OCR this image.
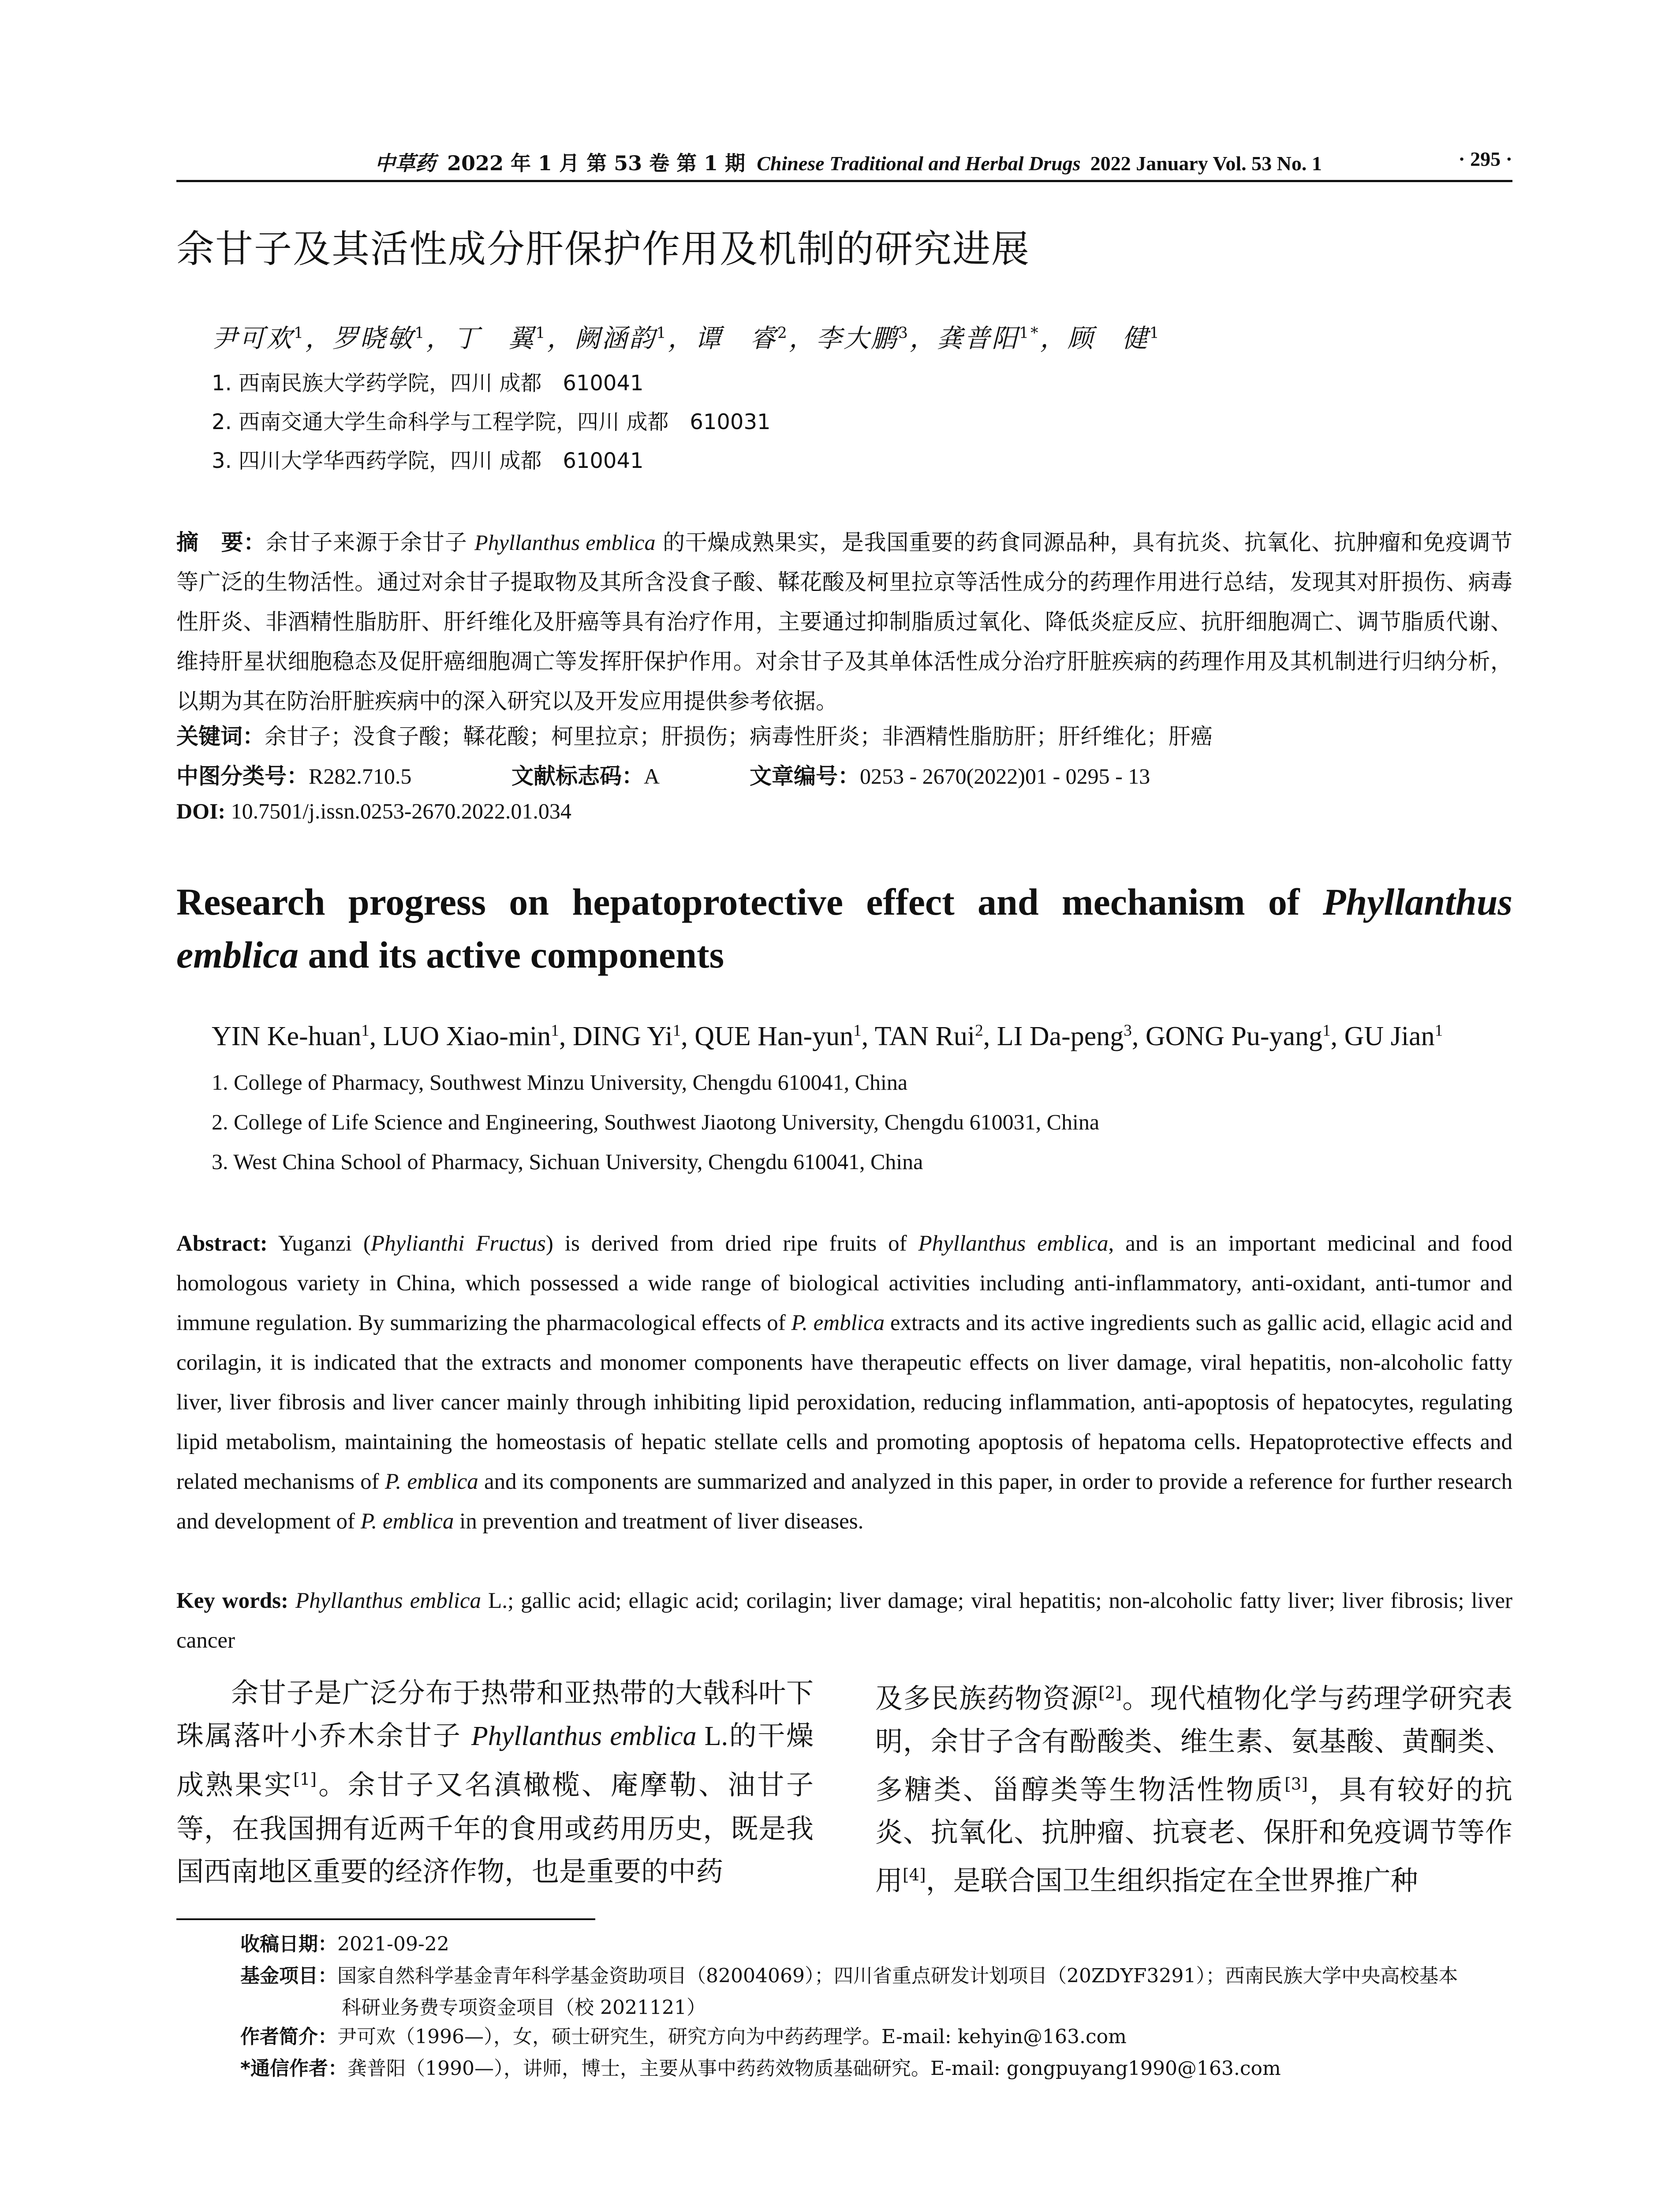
中草药 2022 年 1 月 第 53 卷 第 1 期 Chinese Traditional and Herbal Drugs 2022 January Vol. 53 No. 1	· 295 ·
余甘子及其活性成分肝保护作用及机制的研究进展
尹可欢$^1$，罗晓敏$^1$，丁　翼$^1$，阙涵韵$^1$，谭　睿$^2$，李大鹏$^3$，龚普阳$^{1*}$，顾　健$^1$
1. 西南民族大学药学院，四川 成都　610041
2. 西南交通大学生命科学与工程学院，四川 成都　610031
3. 四川大学华西药学院，四川 成都　610041
摘　要：余甘子来源于余甘子 Phyllanthus emblica 的干燥成熟果实，是我国重要的药食同源品种，具有抗炎、抗氧化、抗肿瘤和免疫调节等广泛的生物活性。通过对余甘子提取物及其所含没食子酸、鞣花酸及柯里拉京等活性成分的药理作用进行总结，发现其对肝损伤、病毒性肝炎、非酒精性脂肪肝、肝纤维化及肝癌等具有治疗作用，主要通过抑制脂质过氧化、降低炎症反应、抗肝细胞凋亡、调节脂质代谢、维持肝星状细胞稳态及促肝癌细胞凋亡等发挥肝保护作用。对余甘子及其单体活性成分治疗肝脏疾病的药理作用及其机制进行归纳分析，以期为其在防治肝脏疾病中的深入研究以及开发应用提供参考依据。
关键词：余甘子；没食子酸；鞣花酸；柯里拉京；肝损伤；病毒性肝炎；非酒精性脂肪肝；肝纤维化；肝癌
中图分类号：R282.710.5	文献标志码：A	文章编号：0253 - 2670(2022)01 - 0295 - 13
DOI: 10.7501/j.issn.0253-2670.2022.01.034
Research progress on hepatoprotective effect and mechanism of Phyllanthus emblica and its active components
YIN Ke-huan$^1$, LUO Xiao-$\min^1$, DING Yi$^1$, QUE Han-yun$^1$, TAN Rui$^2$, LI Da-peng$^3$, GONG Pu-yang$^1$, GU Jian$^1$
1. College of Pharmacy, Southwest Minzu University, Chengdu 610041, China
2. College of Life Science and Engineering, Southwest Jiaotong University, Chengdu 610031, China
3. West China School of Pharmacy, Sichuan University, Chengdu 610041, China
Abstract: Yuganzi (Phylianthi Fructus) is derived from dried ripe fruits of Phyllanthus emblica, and is an important medicinal and food homologous variety in China, which possessed a wide range of biological activities including anti-inflammatory, anti-oxidant, anti-tumor and immune regulation. By summarizing the pharmacological effects of P. emblica extracts and its active ingredients such as gallic acid, ellagic acid and corilagin, it is indicated that the extracts and monomer components have therapeutic effects on liver damage, viral hepatitis, non-alcoholic fatty liver, liver fibrosis and liver cancer mainly through inhibiting lipid peroxidation, reducing inflammation, anti-apoptosis of hepatocytes, regulating lipid metabolism, maintaining the homeostasis of hepatic stellate cells and promoting apoptosis of hepatoma cells. Hepatoprotective effects and related mechanisms of P. emblica and its components are summarized and analyzed in this paper, in order to provide a reference for further research and development of P. emblica in prevention and treatment of liver diseases.
Key words: Phyllanthus emblica L.; gallic acid; ellagic acid; corilagin; liver damage; viral hepatitis; non-alcoholic fatty liver; liver fibrosis; liver cancer
余甘子是广泛分布于热带和亚热带的大戟科叶下珠属落叶小乔木余甘子 Phyllanthus emblica L.的干燥成熟果实[1]。余甘子又名滇橄榄、庵摩勒、油甘子等，在我国拥有近两千年的食用或药用历史，既是我国西南地区重要的经济作物，也是重要的中药
及多民族药物资源[2]。现代植物化学与药理学研究表明，余甘子含有酚酸类、维生素、氨基酸、黄酮类、多糖类、甾醇类等生物活性物质[3]，具有较好的抗炎、抗氧化、抗肿瘤、抗衰老、保肝和免疫调节等作用[4]，是联合国卫生组织指定在全世界推广种
收稿日期：2021-09-22
基金项目：国家自然科学基金青年科学基金资助项目（82004069）；四川省重点研发计划项目（20ZDYF3291）；西南民族大学中央高校基本
科研业务费专项资金项目（校 2021121）
作者简介：尹可欢（1996—），女，硕士研究生，研究方向为中药药理学。E-mail: kehyin@163.com
*通信作者：龚普阳（1990—），讲师，博士，主要从事中药药效物质基础研究。E-mail: gongpuyang1990@163.com
